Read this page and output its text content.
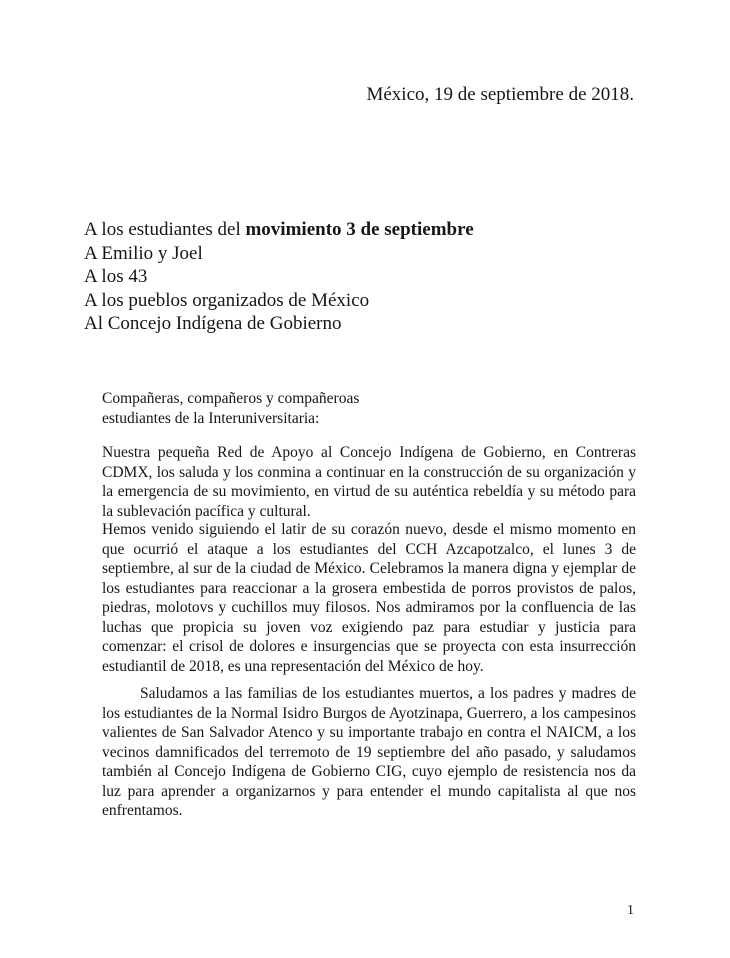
México, 19 de septiembre de 2018.
A los estudiantes del movimiento 3 de septiembre
A Emilio y Joel
A los 43
A los pueblos organizados de México
Al Concejo Indígena de Gobierno
Compañeras, compañeros y compañeroas
estudiantes de la Interuniversitaria:
Nuestra pequeña Red de Apoyo al Concejo Indígena de Gobierno, en Contreras CDMX, los saluda y los conmina a continuar en la construcción de su organización y la emergencia de su movimiento, en virtud de su auténtica rebeldía y su método para la sublevación pacífica y cultural.
Hemos venido siguiendo el latir de su corazón nuevo, desde el mismo momento en que ocurrió el ataque a los estudiantes del CCH Azcapotzalco, el lunes 3 de septiembre, al sur de la ciudad de México. Celebramos la manera digna y ejemplar de los estudiantes para reaccionar a la grosera embestida de porros provistos de palos, piedras, molotovs y cuchillos muy filosos. Nos admiramos por la confluencia de las luchas que propicia su joven voz exigiendo paz para estudiar y justicia para comenzar: el crisol de dolores e insurgencias que se proyecta con esta insurrección estudiantil de 2018, es una representación del México de hoy.
Saludamos a las familias de los estudiantes muertos, a los padres y madres de los estudiantes de la Normal Isidro Burgos de Ayotzinapa, Guerrero, a los campesinos valientes de San Salvador Atenco y su importante trabajo en contra el NAICM, a los vecinos damnificados del terremoto de 19 septiembre del año pasado, y saludamos también al Concejo Indígena de Gobierno CIG, cuyo ejemplo de resistencia nos da luz para aprender a organizarnos y para entender el mundo capitalista al que nos enfrentamos.
1
